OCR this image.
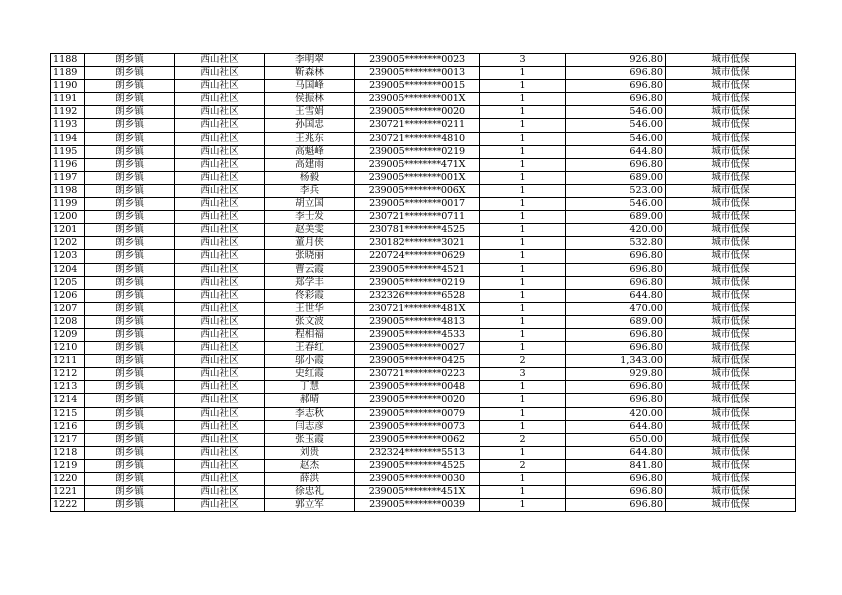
1188	朗乡镇	西山社区	李明翠	239005********0023	3	926.80	城市低保
1189	朗乡镇	西山社区	靳森林	239005********0013	1	696.80	城市低保
1190	朗乡镇	西山社区	马国峰	239005********0015	1	696.80	城市低保
1191	朗乡镇	西山社区	侯振林	239005********001X	1	696.80	城市低保
1192	朗乡镇	西山社区	王雪娟	239005********0020	1	546.00	城市低保
1193	朗乡镇	西山社区	孙国忠	230721********0211	1	546.00	城市低保
1194	朗乡镇	西山社区	王兆东	230721********4810	1	546.00	城市低保
1195	朗乡镇	西山社区	高魁峰	239005********0219	1	644.80	城市低保
1196	朗乡镇	西山社区	高建雨	239005********471X	1	696.80	城市低保
1197	朗乡镇	西山社区	杨毅	239005********001X	1	689.00	城市低保
1198	朗乡镇	西山社区	李兵	239005********006X	1	523.00	城市低保
1199	朗乡镇	西山社区	胡立国	239005********0017	1	546.00	城市低保
1200	朗乡镇	西山社区	李士发	230721********0711	1	689.00	城市低保
1201	朗乡镇	西山社区	赵美雯	230781********4525	1	420.00	城市低保
1202	朗乡镇	西山社区	董月侠	230182********3021	1	532.80	城市低保
1203	朗乡镇	西山社区	张晓丽	220724********0629	1	696.80	城市低保
1204	朗乡镇	西山社区	曹云霞	239005********4521	1	696.80	城市低保
1205	朗乡镇	西山社区	郑学丰	239005********0219	1	696.80	城市低保
1206	朗乡镇	西山社区	佟彩霞	232326********6528	1	644.80	城市低保
1207	朗乡镇	西山社区	王世华	230721********481X	1	470.00	城市低保
1208	朗乡镇	西山社区	张文波	239005********4813	1	689.00	城市低保
1209	朗乡镇	西山社区	程相福	239005********4533	1	696.80	城市低保
1210	朗乡镇	西山社区	王春红	239005********0027	1	696.80	城市低保
1211	朗乡镇	西山社区	邬小霞	239005********0425	2	1,343.00	城市低保
1212	朗乡镇	西山社区	史红霞	230721********0223	3	929.80	城市低保
1213	朗乡镇	西山社区	丁慧	239005********0048	1	696.80	城市低保
1214	朗乡镇	西山社区	郝晴	239005********0020	1	696.80	城市低保
1215	朗乡镇	西山社区	李志秋	239005********0079	1	420.00	城市低保
1216	朗乡镇	西山社区	闫志彦	239005********0073	1	644.80	城市低保
1217	朗乡镇	西山社区	张玉霞	239005********0062	2	650.00	城市低保
1218	朗乡镇	西山社区	刘贵	232324********5513	1	644.80	城市低保
1219	朗乡镇	西山社区	赵杰	239005********4525	2	841.80	城市低保
1220	朗乡镇	西山社区	薛洪	239005********0030	1	696.80	城市低保
1221	朗乡镇	西山社区	徐忠礼	239005********451X	1	696.80	城市低保
1222	朗乡镇	西山社区	郭立军	239005********0039	1	696.80	城市低保
